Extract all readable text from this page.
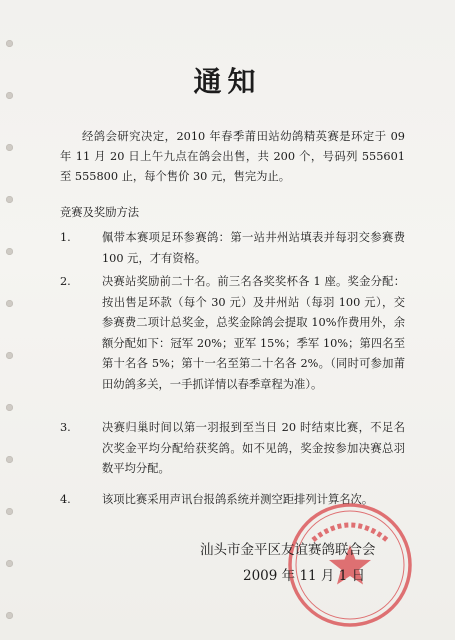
通知
经鸽会研究决定，2010 年春季莆田站幼鸽精英赛是环定于 09 年 11 月 20 日上午九点在鸽会出售，共 200 个，号码列 555601 至 555800 止，每个售价 30 元，售完为止。
竞赛及奖励方法
1.	佩带本赛项足环参赛鸽：第一站井州站填表并每羽交参赛费 100 元，才有资格。
2.	决赛站奖励前二十名。前三名各奖奖杯各 1 座。奖金分配：按出售足环款（每个 30 元）及井州站（每羽 100 元），交参赛费二项计总奖金，总奖金除鸽会提取 10%作费用外，余额分配如下：冠军 20%；亚军 15%；季军 10%；第四名至第十名各 5%；第十一名至第二十名各 2%。（同时可参加莆田幼鸽多关，一手抓详情以春季章程为准）。
3.	决赛归巢时间以第一羽报到至当日 20 时结束比赛，不足名次奖金平均分配给获奖鸽。如不见鸽，奖金按参加决赛总羽数平均分配。
4.	该项比赛采用声讯台报鸽系统并测空距排列计算名次。
汕头市金平区友谊赛鸽联合会
2009 年 11 月 1 日
